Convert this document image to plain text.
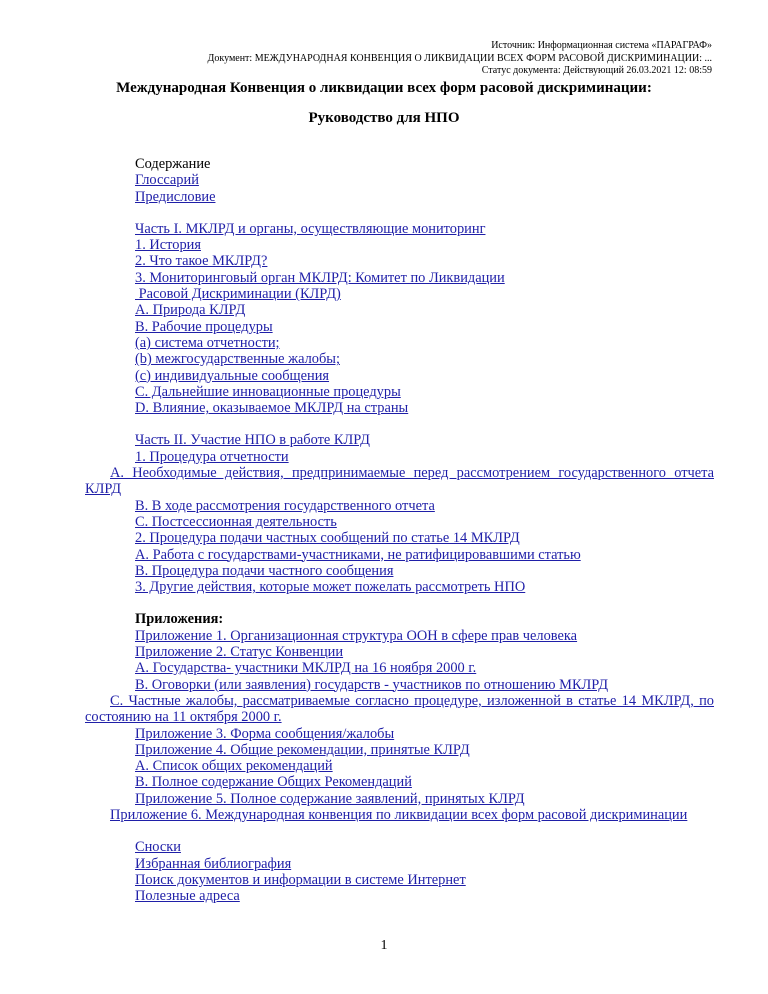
Источник: Информационная система «ПАРАГРАФ»
Документ: МЕЖДУНАРОДНАЯ КОНВЕНЦИЯ О ЛИКВИДАЦИИ ВСЕХ ФОРМ РАСОВОЙ ДИСКРИМИНАЦИИ: ...
Статус документа: Действующий 26.03.2021 12: 08:59
Международная Конвенция о ликвидации всех форм расовой дискриминации:
Руководство для НПО
Содержание
Глоссарий
Предисловие
Часть I. МКЛРД и органы, осуществляющие мониторинг
1. История
2. Что такое МКЛРД?
3. Мониторинговый орган МКЛРД: Комитет по Ликвидации
Расовой Дискриминации (КЛРД)
А. Природа КЛРД
В. Рабочие процедуры
(а) система отчетности;
(b) межгосударственные жалобы;
(с) индивидуальные сообщения
С. Дальнейшие инновационные процедуры
D. Влияние, оказываемое МКЛРД на страны
Часть II. Участие НПО в работе КЛРД
1. Процедура отчетности
А. Необходимые действия, предпринимаемые перед рассмотрением государственного отчета КЛРД
В. В ходе рассмотрения государственного отчета
С. Постсессионная деятельность
2. Процедура подачи частных сообщений по статье 14 МКЛРД
А. Работа с государствами-участниками, не ратифицировавшими статью
В. Процедура подачи частного сообщения
3. Другие действия, которые может пожелать рассмотреть НПО
Приложения:
Приложение 1. Организационная структура ООН в сфере прав человека
Приложение 2. Статус Конвенции
А. Государства- участники МКЛРД на 16 ноября 2000 г.
В. Оговорки (или заявления) государств - участников по отношению МКЛРД
С. Частные жалобы, рассматриваемые согласно процедуре, изложенной в статье 14 МКЛРД, по состоянию на 11 октября 2000 г.
Приложение 3. Форма сообщения/жалобы
Приложение 4. Общие рекомендации, принятые КЛРД
А. Список общих рекомендаций
В. Полное содержание Общих Рекомендаций
Приложение 5. Полное содержание заявлений, принятых КЛРД
Приложение 6. Международная конвенция по ликвидации всех форм расовой дискриминации
Сноски
Избранная библиография
Поиск документов и информации в системе Интернет
Полезные адреса
1
